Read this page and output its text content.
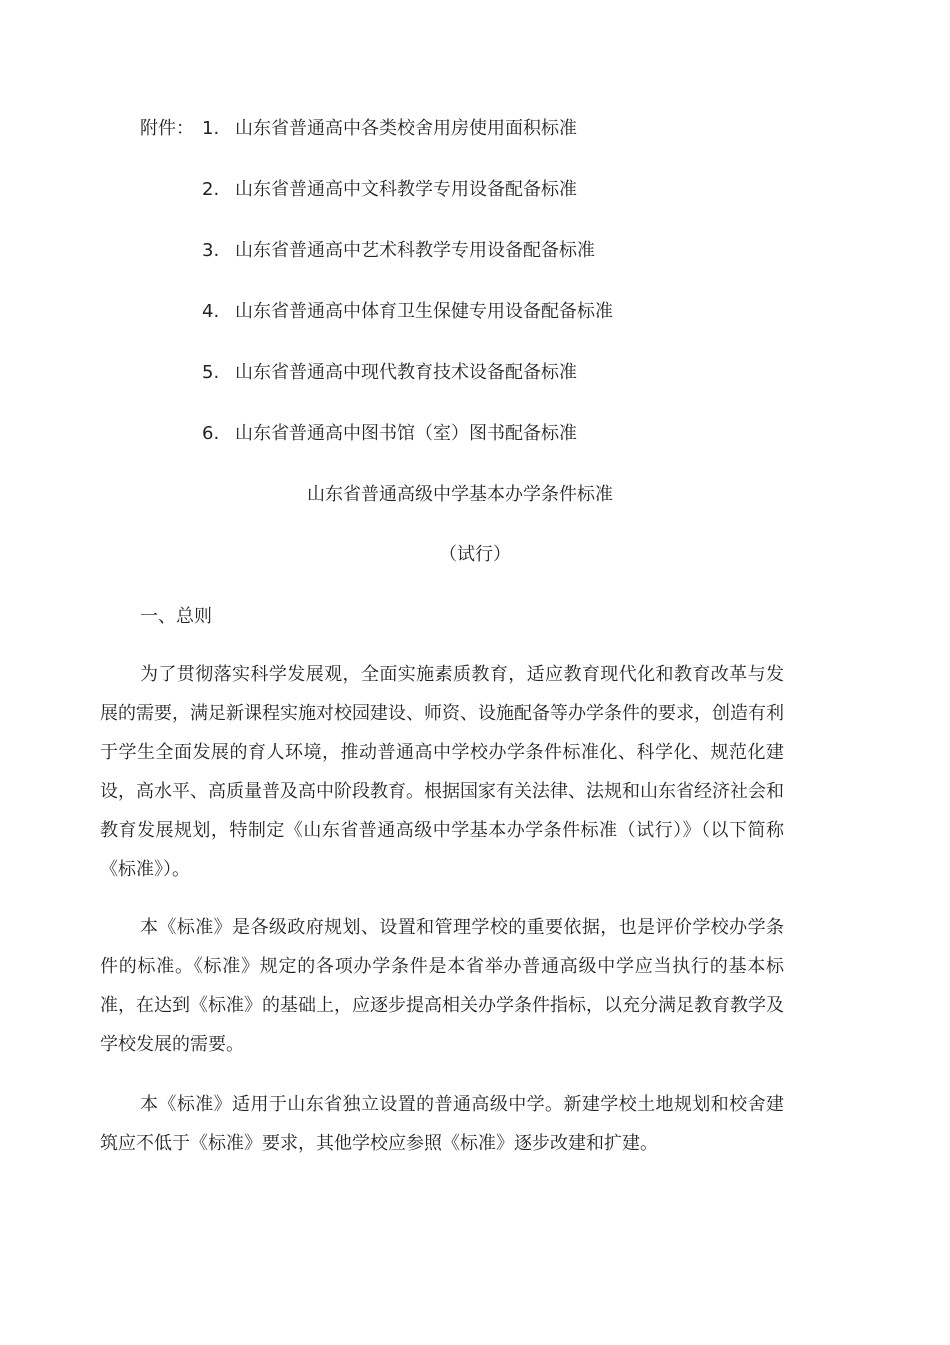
附件： 1. 山东省普通高中各类校舍用房使用面积标准
2. 山东省普通高中文科教学专用设备配备标准
3. 山东省普通高中艺术科教学专用设备配备标准
4. 山东省普通高中体育卫生保健专用设备配备标准
5. 山东省普通高中现代教育技术设备配备标准
6. 山东省普通高中图书馆（室）图书配备标准
山东省普通高级中学基本办学条件标准
（试行）
一、总则

为了贯彻落实科学发展观，全面实施素质教育，适应教育现代化和教育改革与发展的需要，满足新课程实施对校园建设、师资、设施配备等办学条件的要求，创造有利于学生全面发展的育人环境，推动普通高中学校办学条件标准化、科学化、规范化建设，高水平、高质量普及高中阶段教育。根据国家有关法律、法规和山东省经济社会和教育发展规划，特制定《山东省普通高级中学基本办学条件标准（试行）》（以下简称《标准》）。

本《标准》是各级政府规划、设置和管理学校的重要依据，也是评价学校办学条件的标准。《标准》规定的各项办学条件是本省举办普通高级中学应当执行的基本标准，在达到《标准》的基础上，应逐步提高相关办学条件指标，以充分满足教育教学及学校发展的需要。

本《标准》适用于山东省独立设置的普通高级中学。新建学校土地规划和校舍建筑应不低于《标准》要求，其他学校应参照《标准》逐步改建和扩建。
